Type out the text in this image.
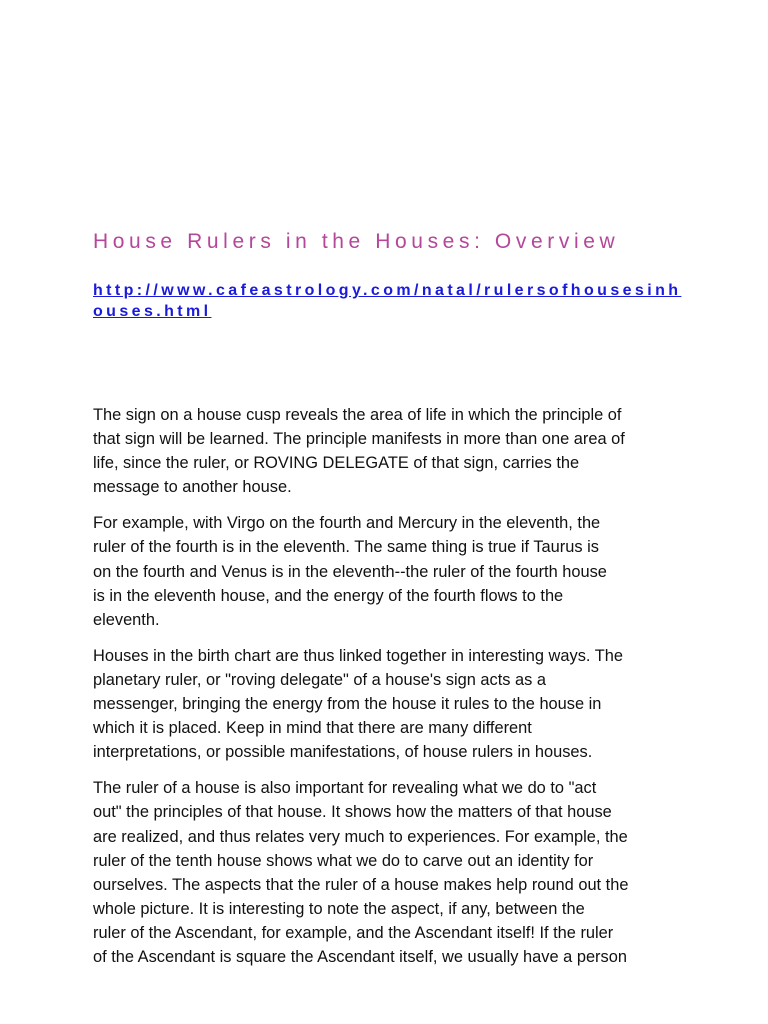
House Rulers in the Houses: Overview
http://www.cafeastrology.com/natal/rulersofhousesinhouses.html

The sign on a house cusp reveals the area of life in which the principle of
that sign will be learned. The principle manifests in more than one area of
life, since the ruler, or ROVING DELEGATE of that sign, carries the
message to another house.

For example, with Virgo on the fourth and Mercury in the eleventh, the
ruler of the fourth is in the eleventh. The same thing is true if Taurus is
on the fourth and Venus is in the eleventh--the ruler of the fourth house
is in the eleventh house, and the energy of the fourth flows to the
eleventh.

Houses in the birth chart are thus linked together in interesting ways. The
planetary ruler, or "roving delegate" of a house's sign acts as a
messenger, bringing the energy from the house it rules to the house in
which it is placed. Keep in mind that there are many different
interpretations, or possible manifestations, of house rulers in houses.

The ruler of a house is also important for revealing what we do to "act
out" the principles of that house. It shows how the matters of that house
are realized, and thus relates very much to experiences. For example, the
ruler of the tenth house shows what we do to carve out an identity for
ourselves. The aspects that the ruler of a house makes help round out the
whole picture. It is interesting to note the aspect, if any, between the
ruler of the Ascendant, for example, and the Ascendant itself! If the ruler
of the Ascendant is square the Ascendant itself, we usually have a person
